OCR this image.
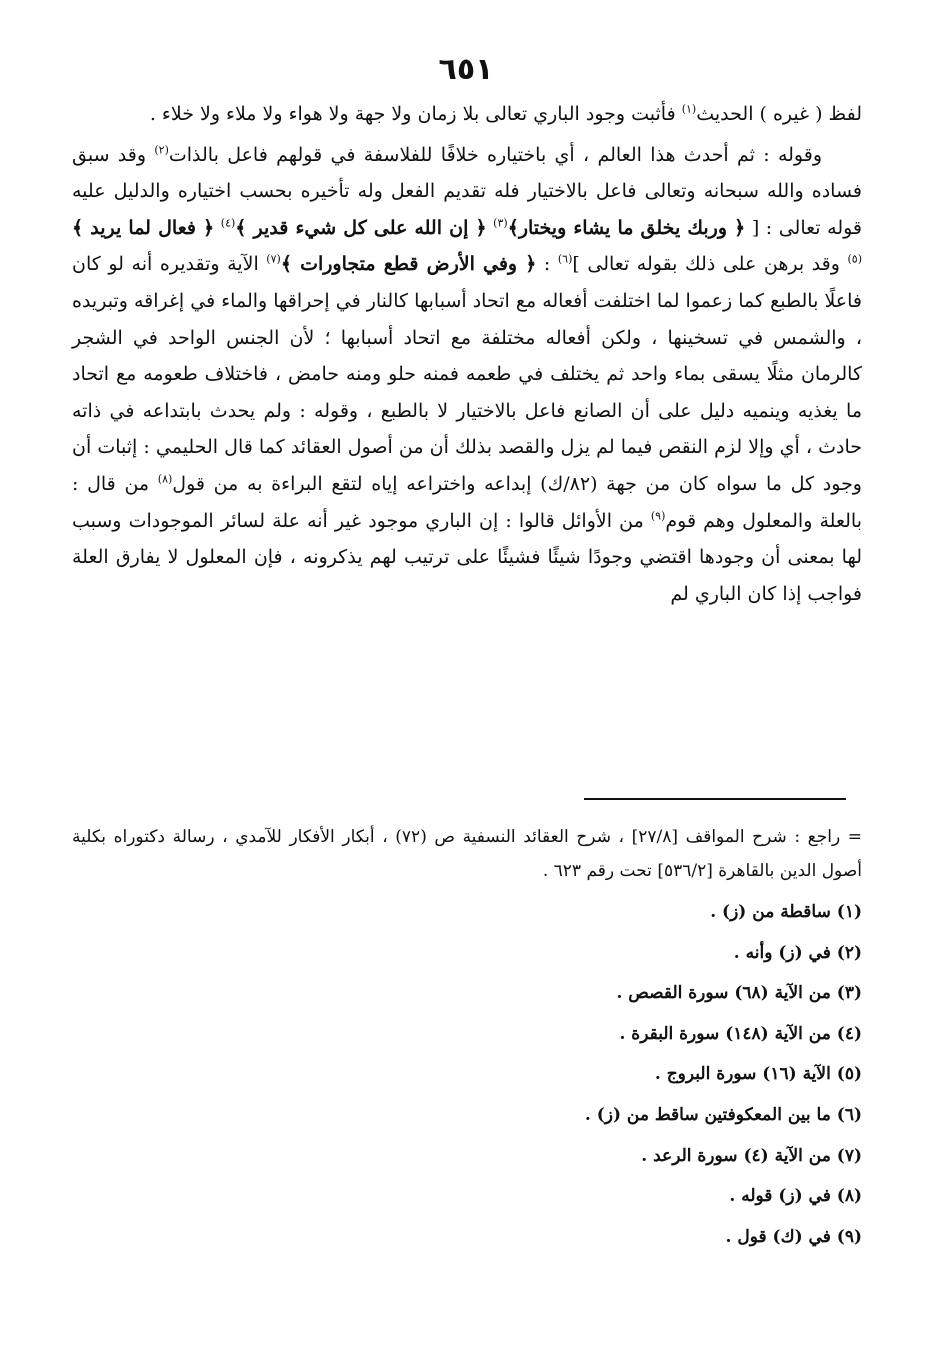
٦٥١

لفظ ( غيره ) الحديث$^{(١)}$ فأثبت وجود الباري تعالى بلا زمان ولا جهة ولا هواء ولا ملاء ولا خلاء .

وقوله : ثم أحدث هذا العالم ، أي باختياره خلافًا للفلاسفة في قولهم فاعل بالذات$^{(٢)}$ وقد سبق فساده والله سبحانه وتعالى فاعل بالاختيار فله تقديم الفعل وله تأخيره بحسب اختياره والدليل عليه قوله تعالى : [ ﴿ وربك يخلق ما يشاء ويختار﴾$^{(٣)}$ ﴿ إن الله على كل شيء قدير ﴾$^{(٤)}$ ﴿ فعال لما يريد ﴾$^{(٥)}$ وقد برهن على ذلك بقوله تعالى ]$^{(٦)}$ : ﴿ وفي الأرض قطع متجاورات ﴾$^{(٧)}$ الآية وتقديره أنه لو كان فاعلًا بالطبع كما زعموا لما اختلفت أفعاله مع اتحاد أسبابها كالنار في إحراقها والماء في إغراقه وتبريده ، والشمس في تسخينها ، ولكن أفعاله مختلفة مع اتحاد أسبابها ؛ لأن الجنس الواحد في الشجر كالرمان مثلًا يسقى بماء واحد ثم يختلف في طعمه فمنه حلو ومنه حامض ، فاختلاف طعومه مع اتحاد ما يغذيه وينميه دليل على أن الصانع فاعل بالاختيار لا بالطبع ، وقوله : ولم يحدث بابتداعه في ذاته حادث ، أي وإلا لزم النقص فيما لم يزل والقصد بذلك أن من أصول العقائد كما قال الحليمي : إثبات أن وجود كل ما سواه كان من جهة (٨٢/ك) إبداعه واختراعه إياه لتقع البراءة به من قول$^{(٨)}$ من قال : بالعلة والمعلول وهم قوم$^{(٩)}$ من الأوائل قالوا : إن الباري موجود غير أنه علة لسائر الموجودات وسبب لها بمعنى أن وجودها اقتضي وجودًا شيئًا فشيئًا على ترتيب لهم يذكرونه ، فإن المعلول لا يفارق العلة فواجب إذا كان الباري لم

= راجع : شرح المواقف [٢٧/٨] ، شرح العقائد النسفية ص (٧٢) ، أبكار الأفكار للآمدي ، رسالة دكتوراه بكلية أصول الدين بالقاهرة [٥٣٦/٢] تحت رقم ٦٢٣ .

(١) ساقطة من (ز) .
(٢) في (ز) وأنه .
(٣) من الآية (٦٨) سورة القصص .
(٤) من الآية (١٤٨) سورة البقرة .
(٥) الآية (١٦) سورة البروج .
(٦) ما بين المعكوفتين ساقط من (ز) .
(٧) من الآية (٤) سورة الرعد .
(٨) في (ز) قوله .
(٩) في (ك) قول .
